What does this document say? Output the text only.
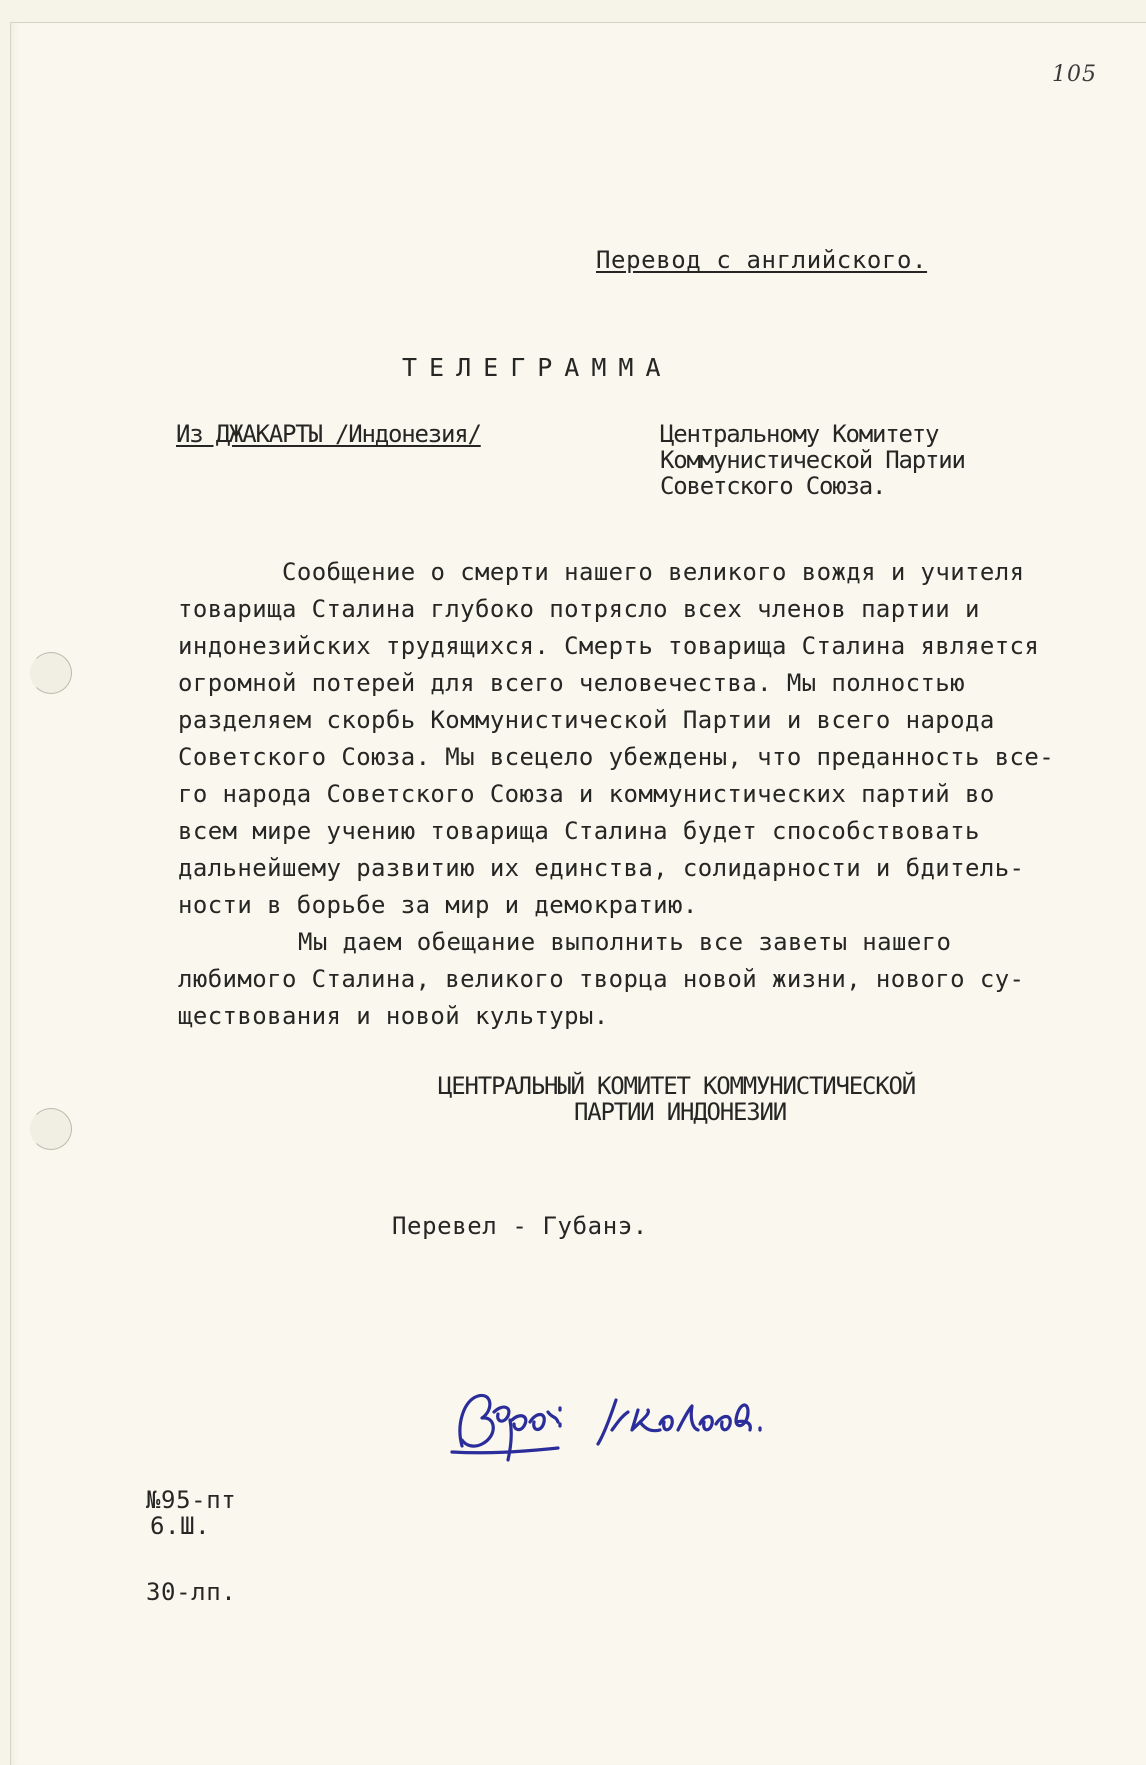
105

Перевод с английского.

ТЕЛЕГРАММА

Из ДЖАКАРТЫ /Индонезия/	Центральному Комитету

Коммунистической Партии

Советского Союза.

Сообщение о смерти нашего великого вождя и учителя

товарища Сталина глубоко потрясло всех членов партии и

индонезийских трудящихся. Смерть товарища Сталина является

огромной потерей для всего человечества. Мы полностью

разделяем скорбь Коммунистической Партии и всего народа

Советского Союза. Мы всецело убеждены, что преданность все-

го народа Советского Союза и коммунистических партий во

всем мире учению товарища Сталина будет способствовать

дальнейшему развитию их единства, солидарности и бдитель-

ности в борьбе за мир и демократию.

Мы даем обещание выполнить все заветы нашего

любимого Сталина, великого творца новой жизни, нового су-

ществования и новой культуры.

ЦЕНТРАЛЬНЫЙ КОМИТЕТ КОММУНИСТИЧЕСКОЙ

ПАРТИИ ИНДОНЕЗИИ

Перевел - Губанэ.

№95-пт

6.Ш.

30-лп.
